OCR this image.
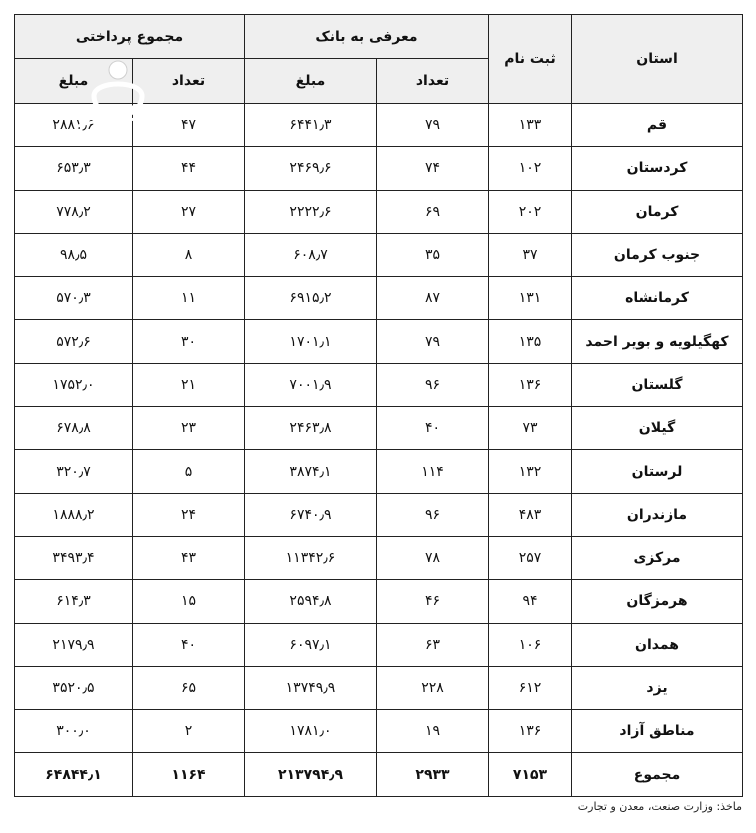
استان	ثبت نام	معرفی به بانک		مجموع پرداختی	
		تعداد	مبلغ	تعداد	مبلغ
قم	۱۳۳	۷۹	۶۴۴۱٫۳	۴۷	۲۸۸۱٫۶
کردستان	۱۰۲	۷۴	۲۴۶۹٫۶	۴۴	۶۵۳٫۳
کرمان	۲۰۲	۶۹	۲۲۲۲٫۶	۲۷	۷۷۸٫۲
جنوب کرمان	۳۷	۳۵	۶۰۸٫۷	۸	۹۸٫۵
کرمانشاه	۱۳۱	۸۷	۶۹۱۵٫۲	۱۱	۵۷۰٫۳
کهگیلویه و بویر احمد	۱۳۵	۷۹	۱۷۰۱٫۱	۳۰	۵۷۲٫۶
گلستان	۱۳۶	۹۶	۷۰۰۱٫۹	۲۱	۱۷۵۲٫۰
گیلان	۷۳	۴۰	۲۴۶۳٫۸	۲۳	۶۷۸٫۸
لرستان	۱۳۲	۱۱۴	۳۸۷۴٫۱	۵	۳۲۰٫۷
مازندران	۴۸۳	۹۶	۶۷۴۰٫۹	۲۴	۱۸۸۸٫۲
مرکزی	۲۵۷	۷۸	۱۱۳۴۲٫۶	۴۳	۳۴۹۳٫۴
هرمزگان	۹۴	۴۶	۲۵۹۴٫۸	۱۵	۶۱۴٫۳
همدان	۱۰۶	۶۳	۶۰۹۷٫۱	۴۰	۲۱۷۹٫۹
یزد	۶۱۲	۲۲۸	۱۳۷۴۹٫۹	۶۵	۳۵۲۰٫۵
مناطق آزاد	۱۳۶	۱۹	۱۷۸۱٫۰	۲	۳۰۰٫۰
مجموع	۷۱۵۳	۲۹۳۳	۲۱۳۷۹۴٫۹	۱۱۶۴	۶۴۸۴۴٫۱
ماخذ: وزارت صنعت، معدن و تجارت
